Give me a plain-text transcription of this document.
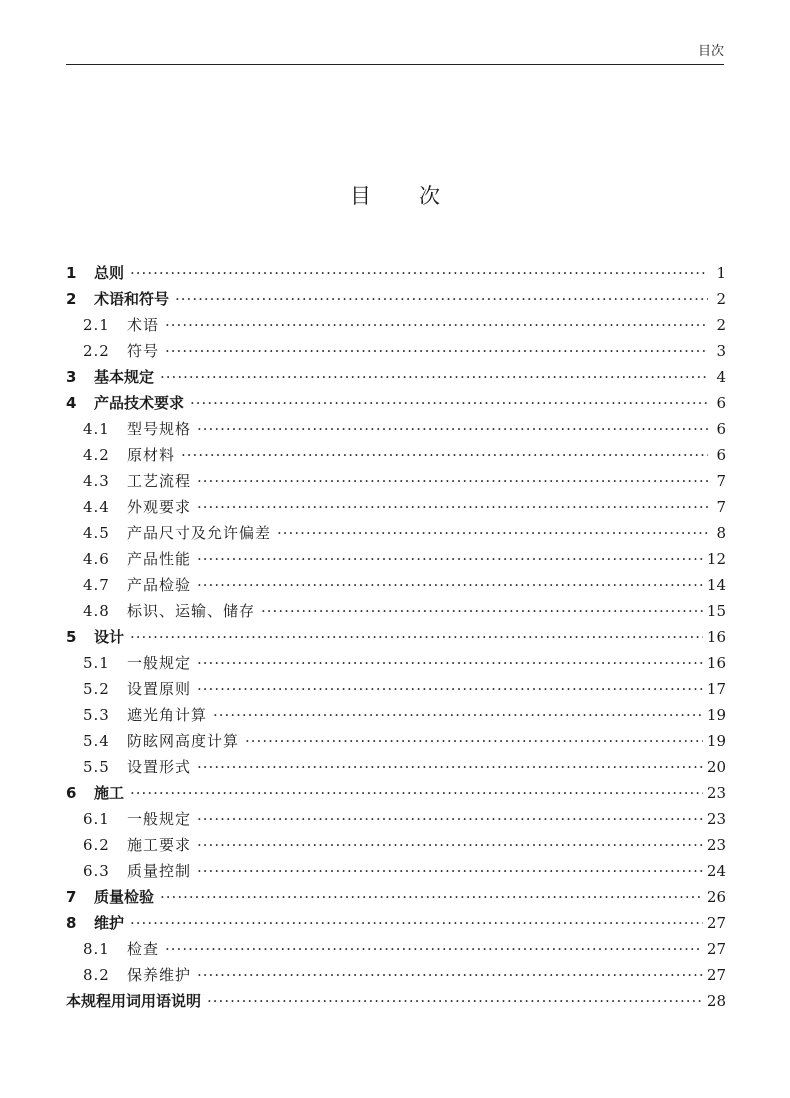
目次
目 次
1	总则 ·····	1
2	术语和符号 ·····	2
2.1	术语 ·····	2
2.2	符号 ·····	3
3	基本规定 ·····	4
4	产品技术要求 ·····	6
4.1	型号规格 ·····	6
4.2	原材料 ·····	6
4.3	工艺流程 ·····	7
4.4	外观要求 ·····	7
4.5	产品尺寸及允许偏差 ·····	8
4.6	产品性能 ·····	12
4.7	产品检验 ·····	14
4.8	标识、运输、储存 ·····	15
5	设计 ·····	16
5.1	一般规定 ·····	16
5.2	设置原则 ·····	17
5.3	遮光角计算 ·····	19
5.4	防眩网高度计算 ·····	19
5.5	设置形式 ·····	20
6	施工 ·····	23
6.1	一般规定 ·····	23
6.2	施工要求 ·····	23
6.3	质量控制 ·····	24
7	质量检验 ·····	26
8	维护 ·····	27
8.1	检查 ·····	27
8.2	保养维护 ·····	27
本规程用词用语说明 ·····	28
